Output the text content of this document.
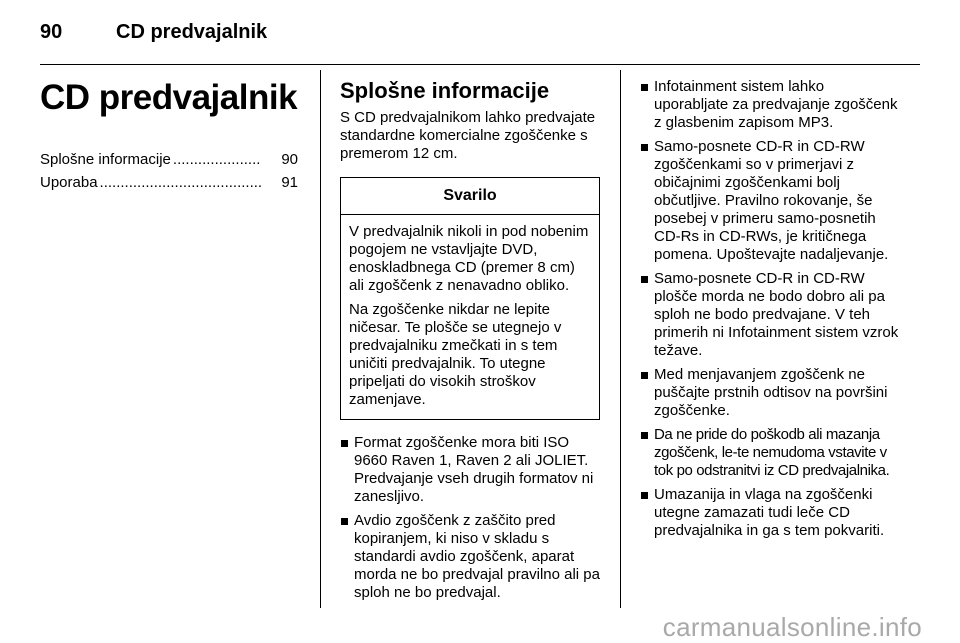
90	CD predvajalnik
CD predvajalnik
Splošne informacije .....................	90
Uporaba .......................................	91
Splošne informacije

S CD predvajalnikom lahko predvajate standardne komercialne zgoščenke s premerom 12 cm.

Svarilo

V predvajalnik nikoli in pod nobenim pogojem ne vstavljajte DVD, enoskladbnega CD (premer 8 cm) ali zgoščenk z nenavadno obliko.

Na zgoščenke nikdar ne lepite ničesar. Te plošče se utegnejo v predvajalniku zmečkati in s tem uničiti predvajalnik. To utegne pripeljati do visokih stroškov zamenjave.

Format zgoščenke mora biti ISO 9660 Raven 1, Raven 2 ali JOLIET. Predvajanje vseh drugih formatov ni zanesljivo.
Avdio zgoščenk z zaščito pred kopiranjem, ki niso v skladu s standardi avdio zgoščenk, aparat morda ne bo predvajal pravilno ali pa sploh ne bo predvajal.
Infotainment sistem lahko uporabljate za predvajanje zgoščenk z glasbenim zapisom MP3.
Samo-posnete CD-R in CD-RW zgoščenkami so v primerjavi z običajnimi zgoščenkami bolj občutljive. Pravilno rokovanje, še posebej v primeru samo-posnetih CD-Rs in CD-RWs, je kritičnega pomena. Upoštevajte nadaljevanje.
Samo-posnete CD-R in CD-RW plošče morda ne bodo dobro ali pa sploh ne bodo predvajane. V teh primerih ni Infotainment sistem vzrok težave.
Med menjavanjem zgoščenk ne puščajte prstnih odtisov na površini zgoščenke.
Da ne pride do poškodb ali mazanja zgoščenk, le-te nemudoma vstavite v tok po odstranitvi iz CD predvajalnika.
Umazanija in vlaga na zgoščenki utegne zamazati tudi leče CD predvajalnika in ga s tem pokvariti.
carmanualsonline.info
